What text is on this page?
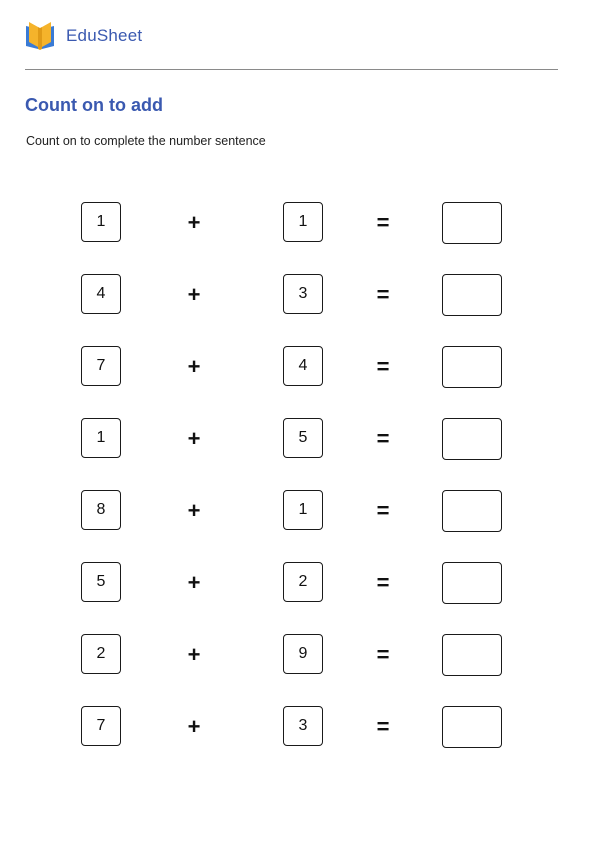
EduSheet
Count on to add

Count on to complete the number sentence

1	+	1	=
4	+	3	=
7	+	4	=
1	+	5	=
8	+	1	=
5	+	2	=
2	+	9	=
7	+	3	=
